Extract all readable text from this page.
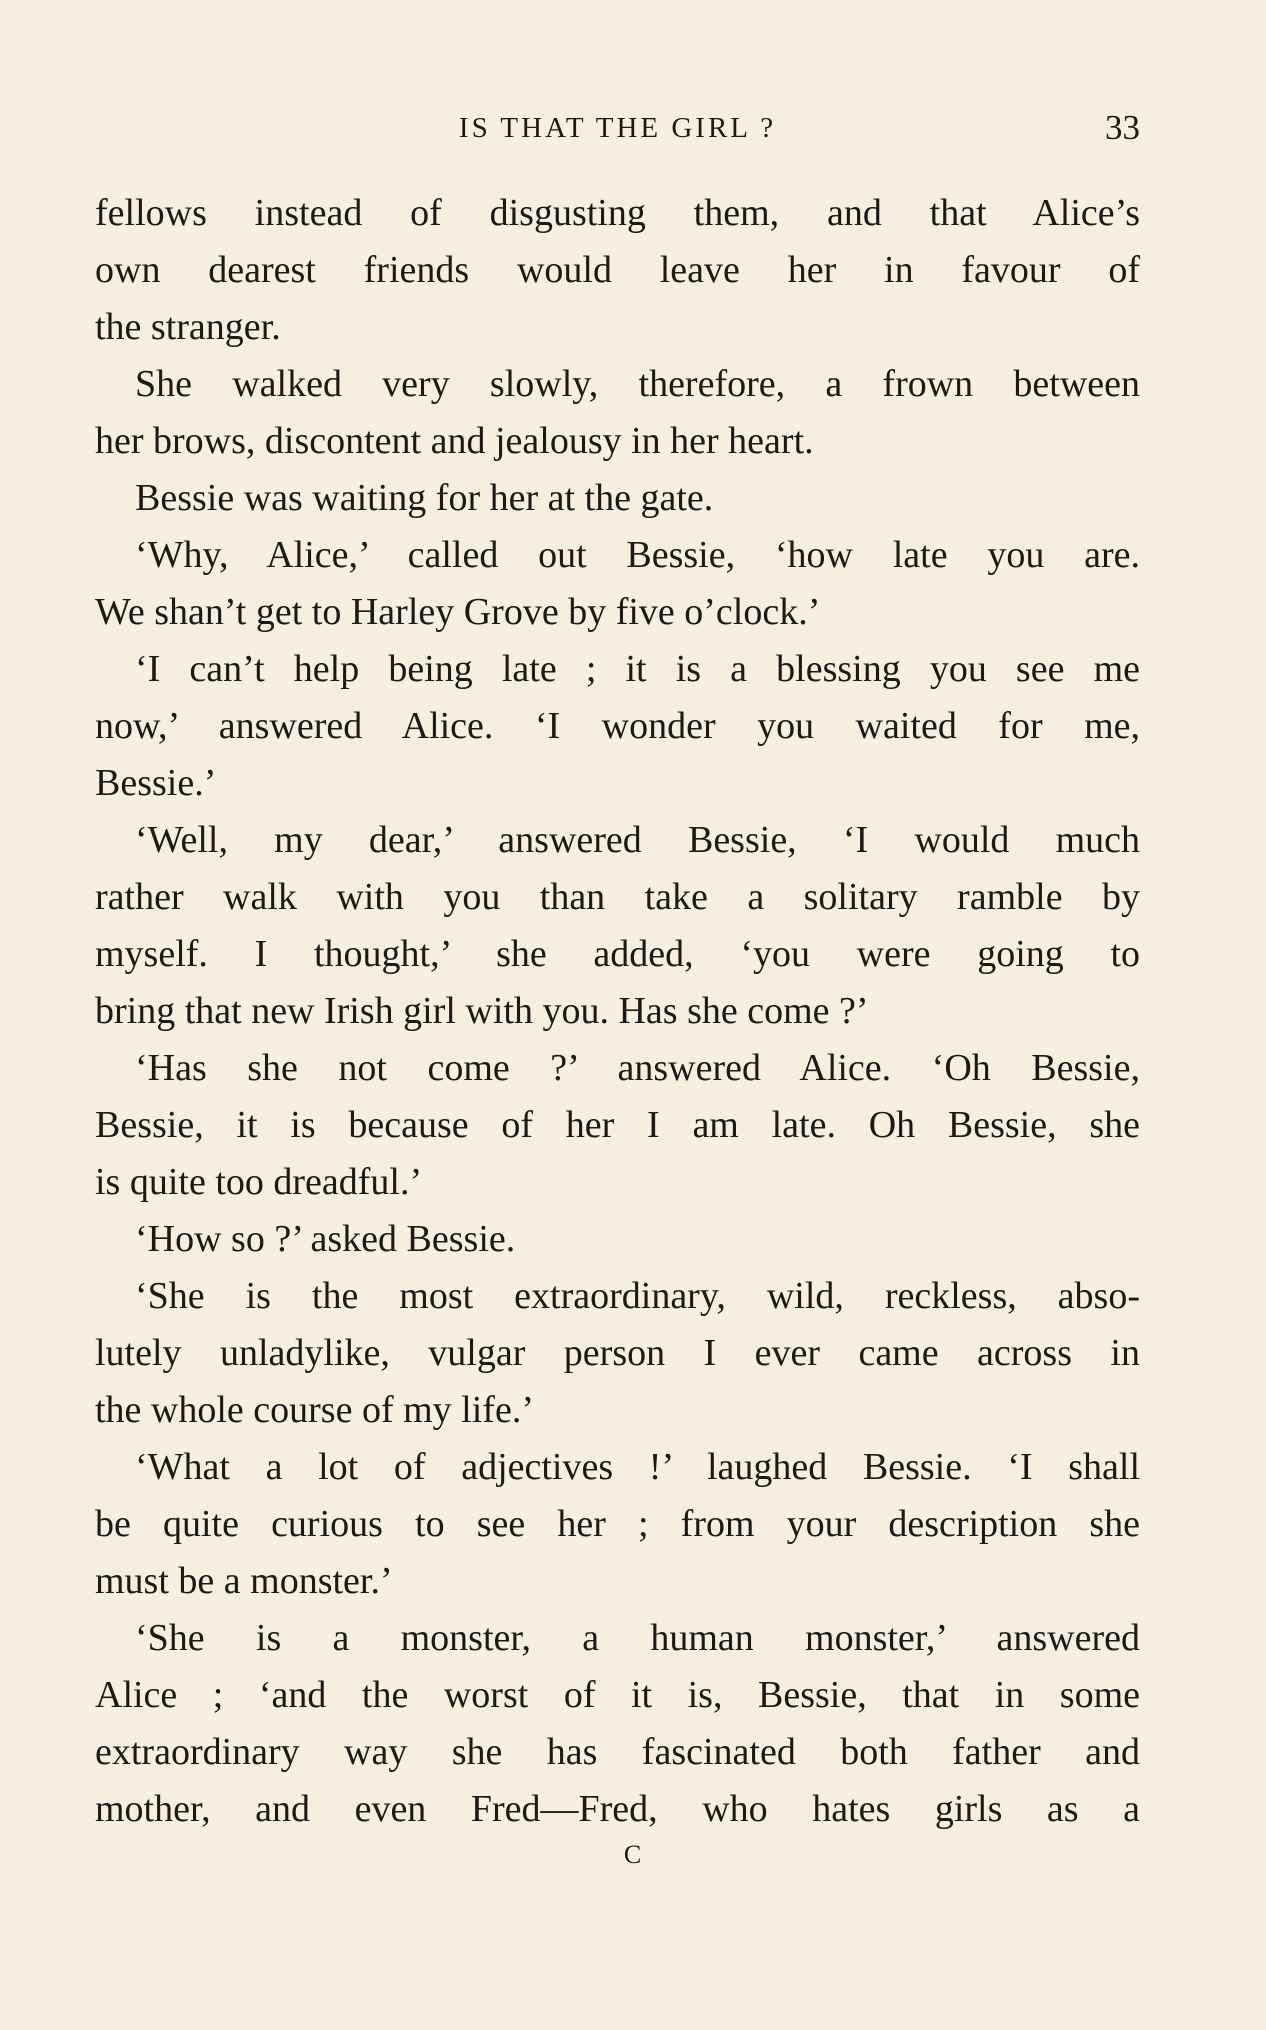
IS THAT THE GIRL ?	33
fellows instead of disgusting them, and that Alice’s
own dearest friends would leave her in favour of
the stranger.
She walked very slowly, therefore, a frown between
her brows, discontent and jealousy in her heart.
Bessie was waiting for her at the gate.
‘Why, Alice,’ called out Bessie, ‘how late you are.
We shan’t get to Harley Grove by five o’clock.’
‘I can’t help being late ; it is a blessing you see me
now,’ answered Alice. ‘I wonder you waited for me,
Bessie.’
‘Well, my dear,’ answered Bessie, ‘I would much
rather walk with you than take a solitary ramble by
myself. I thought,’ she added, ‘you were going to
bring that new Irish girl with you. Has she come ?’
‘Has she not come ?’ answered Alice. ‘Oh Bessie,
Bessie, it is because of her I am late. Oh Bessie, she
is quite too dreadful.’
‘How so ?’ asked Bessie.
‘She is the most extraordinary, wild, reckless, abso-
lutely unladylike, vulgar person I ever came across in
the whole course of my life.’
‘What a lot of adjectives !’ laughed Bessie. ‘I shall
be quite curious to see her ; from your description she
must be a monster.’
‘She is a monster, a human monster,’ answered
Alice ; ‘and the worst of it is, Bessie, that in some
extraordinary way she has fascinated both father and
mother, and even Fred—Fred, who hates girls as a
C
